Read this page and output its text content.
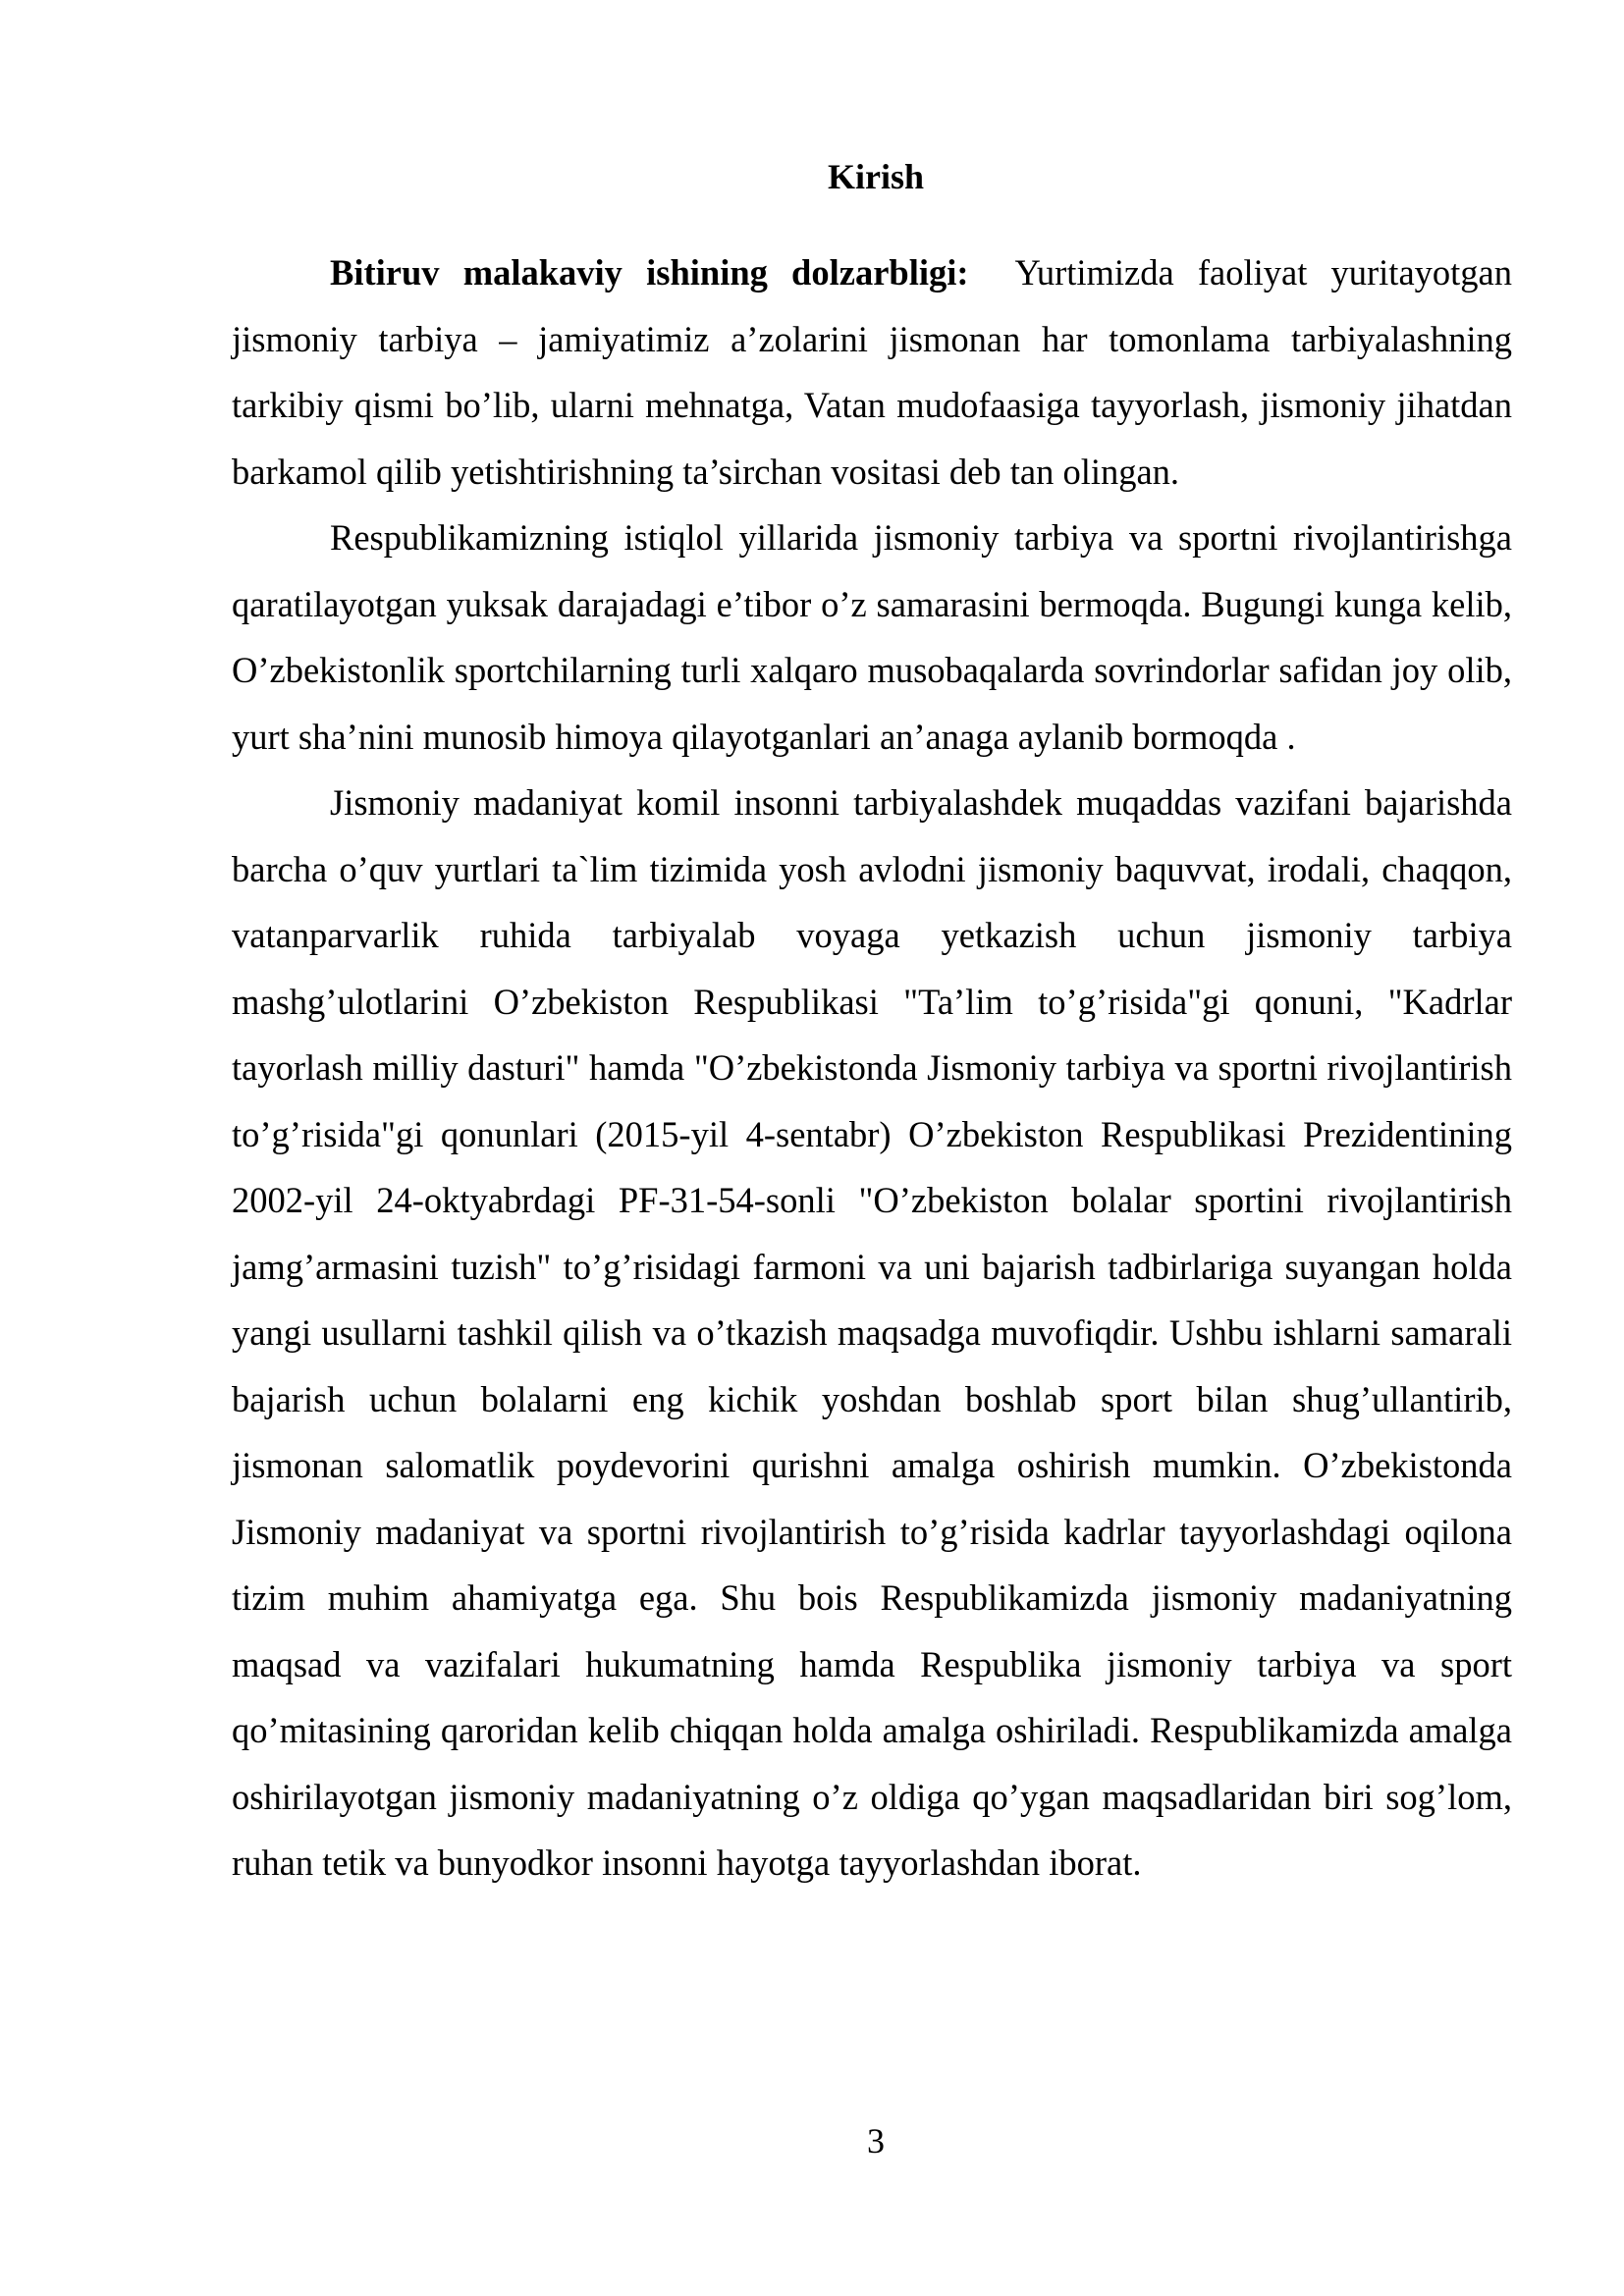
Kirish

Bitiruv malakaviy ishining dolzarbligi:  Yurtimizda faoliyat yuritayotgan jismoniy tarbiya – jamiyatimiz a’zolarini jismonan har tomonlama tarbiyalashning tarkibiy qismi bo’lib, ularni mehnatga, Vatan mudofaasiga tayyorlash, jismoniy jihatdan barkamol qilib yetishtirishning ta’sirchan vositasi deb tan olingan.

Respublikamizning istiqlol yillarida jismoniy tarbiya va sportni rivojlantirishga qaratilayotgan yuksak darajadagi e’tibor o’z samarasini bermoqda. Bugungi kunga kelib, O’zbekistonlik sportchilarning turli xalqaro musobaqalarda sovrindorlar safidan joy olib, yurt sha’nini munosib himoya qilayotganlari an’anaga aylanib bormoqda .

Jismoniy madaniyat komil insonni tarbiyalashdek muqaddas vazifani bajarishda barcha o’quv yurtlari ta`lim tizimida yosh avlodni jismoniy baquvvat, irodali, chaqqon, vatanparvarlik ruhida tarbiyalab voyaga yetkazish uchun jismoniy tarbiya mashg’ulotlarini O’zbekiston Respublikasi "Ta’lim to’g’risida"gi qonuni, "Kadrlar tayorlash milliy dasturi" hamda "O’zbekistonda Jismoniy tarbiya va sportni rivojlantirish to’g’risida"gi qonunlari (2015-yil 4-sentabr) O’zbekiston Respublikasi Prezidentining 2002-yil 24-oktyabrdagi PF-31-54-sonli "O’zbekiston bolalar sportini rivojlantirish jamg’armasini tuzish" to’g’risidagi farmoni va uni bajarish tadbirlariga suyangan holda yangi usullarni tashkil qilish va o’tkazish maqsadga muvofiqdir. Ushbu ishlarni samarali bajarish uchun bolalarni eng kichik yoshdan boshlab sport bilan shug’ullantirib, jismonan salomatlik poydevorini qurishni amalga oshirish mumkin. O’zbekistonda Jismoniy madaniyat va sportni rivojlantirish to’g’risida kadrlar tayyorlashdagi oqilona tizim muhim ahamiyatga ega. Shu bois Respublikamizda jismoniy madaniyatning maqsad va vazifalari hukumatning hamda Respublika jismoniy tarbiya va sport qo’mitasining qaroridan kelib chiqqan holda amalga oshiriladi. Respublikamizda amalga oshirilayotgan jismoniy madaniyatning o’z oldiga qo’ygan maqsadlaridan biri sog’lom, ruhan tetik va bunyodkor insonni hayotga tayyorlashdan iborat.

3
